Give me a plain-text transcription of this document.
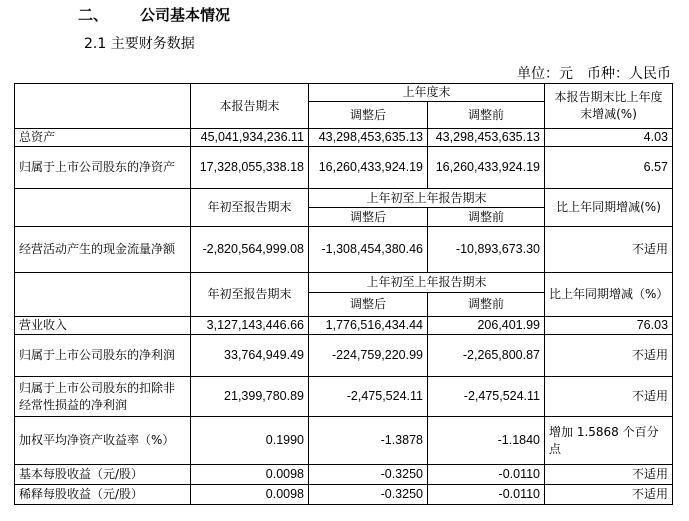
二、 公司基本情况
2.1 主要财务数据
单位：元　币种：人民币
	本报告期末	上年度末		本报告期末比上年度末增减(%)
		调整后	调整前	
总资产	45,041,934,236.11	43,298,453,635.13	43,298,453,635.13	4.03
归属于上市公司股东的净资产	17,328,055,338.18	16,260,433,924.19	16,260,433,924.19	6.57
	年初至报告期末	上年初至上年报告期末		比上年同期增减(%)
		调整后	调整前	
经营活动产生的现金流量净额	-2,820,564,999.08	-1,308,454,380.46	-10,893,673.30	不适用
	年初至报告期末	上年初至上年报告期末		比上年同期增减（%）
		调整后	调整前	
营业收入	3,127,143,446.66	1,776,516,434.44	206,401.99	76.03
归属于上市公司股东的净利润	33,764,949.49	-224,759,220.99	-2,265,800.87	不适用
归属于上市公司股东的扣除非经常性损益的净利润	21,399,780.89	-2,475,524.11	-2,475,524.11	不适用
加权平均净资产收益率（%）	0.1990	-1.3878	-1.1840	增加 1.5868 个百分点
基本每股收益（元/股）	0.0098	-0.3250	-0.0110	不适用
稀释每股收益（元/股）	0.0098	-0.3250	-0.0110	不适用
